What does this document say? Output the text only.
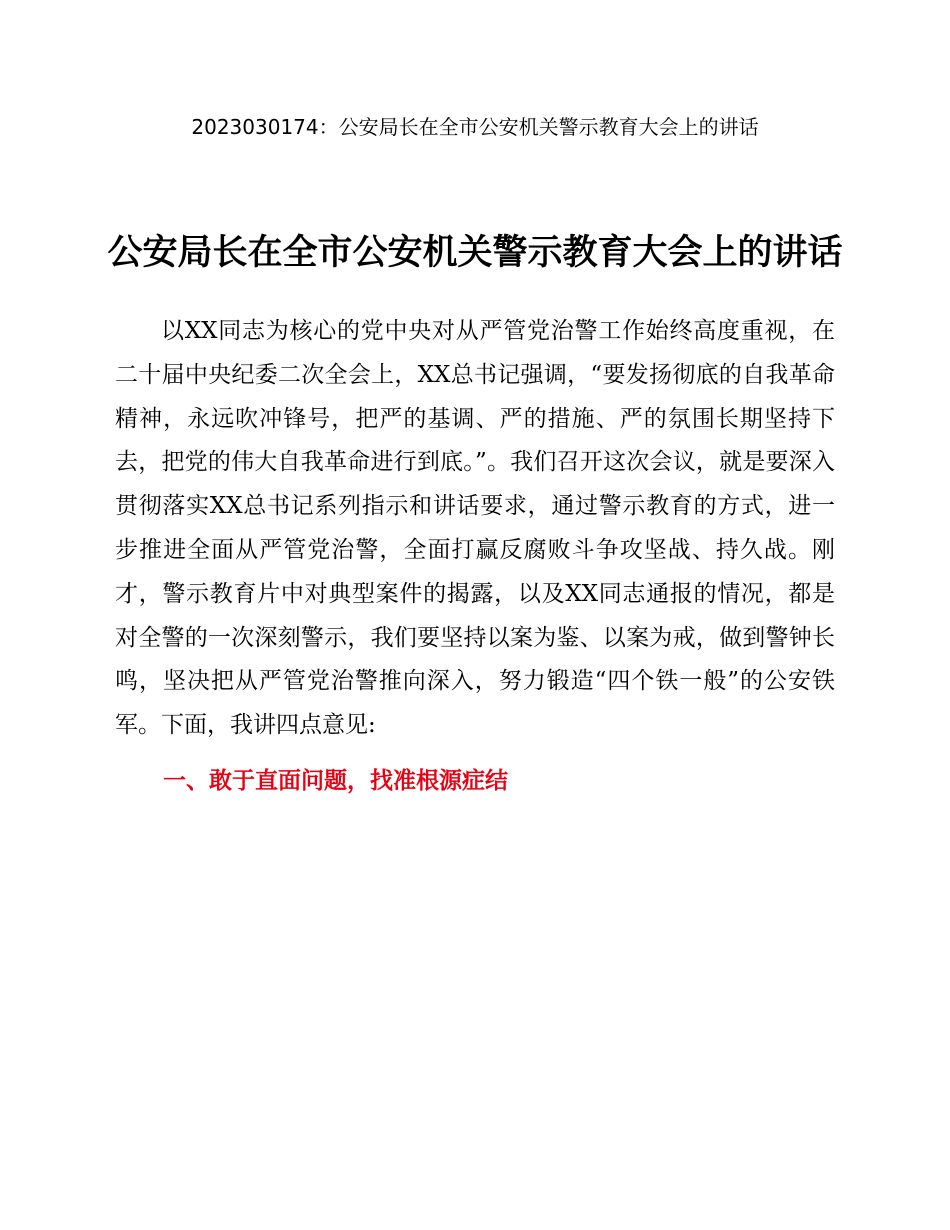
2023030174：公安局长在全市公安机关警示教育大会上的讲话
公安局长在全市公安机关警示教育大会上的讲话

以XX同志为核心的党中央对从严管党治警工作始终高度重视，在二十届中央纪委二次全会上，XX总书记强调，“要发扬彻底的自我革命精神，永远吹冲锋号，把严的基调、严的措施、严的氛围长期坚持下去，把党的伟大自我革命进行到底。”。我们召开这次会议，就是要深入贯彻落实XX总书记系列指示和讲话要求，通过警示教育的方式，进一步推进全面从严管党治警，全面打赢反腐败斗争攻坚战、持久战。刚才，警示教育片中对典型案件的揭露，以及XX同志通报的情况，都是对全警的一次深刻警示，我们要坚持以案为鉴、以案为戒，做到警钟长鸣，坚决把从严管党治警推向深入，努力锻造“四个铁一般”的公安铁军。下面，我讲四点意见:

一、敢于直面问题，找准根源症结
